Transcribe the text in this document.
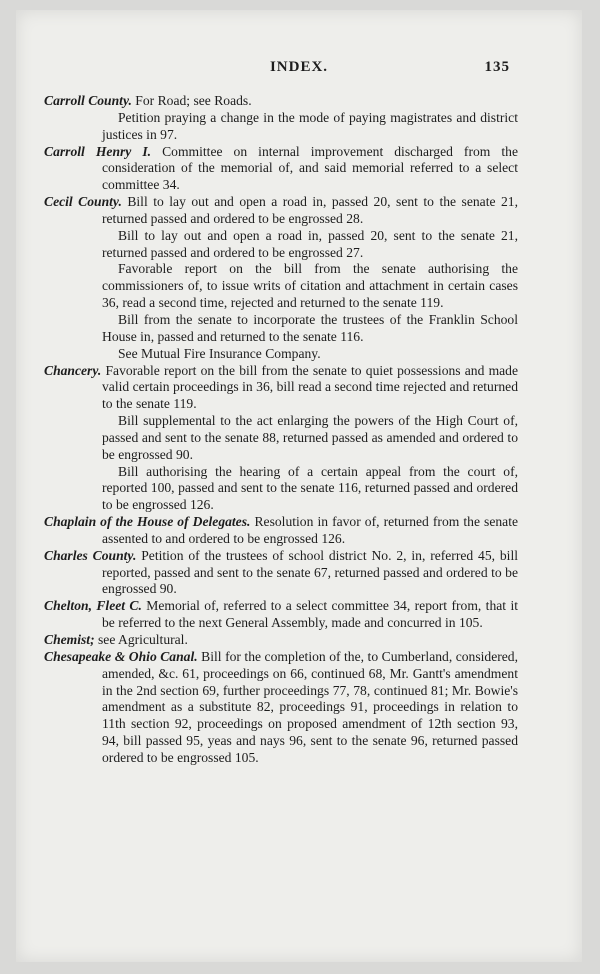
INDEX.	135

Carroll County. For Road; see Roads.

Petition praying a change in the mode of paying magistrates and district justices in 97.

Carroll Henry I. Committee on internal improvement discharged from the consideration of the memorial of, and said memorial referred to a select committee 34.

Cecil County. Bill to lay out and open a road in, passed 20, sent to the senate 21, returned passed and ordered to be engrossed 28.

Bill to lay out and open a road in, passed 20, sent to the senate 21, returned passed and ordered to be engrossed 27.

Favorable report on the bill from the senate authorising the commissioners of, to issue writs of citation and attachment in certain cases 36, read a second time, rejected and returned to the senate 119.

Bill from the senate to incorporate the trustees of the Franklin School House in, passed and returned to the senate 116.

See Mutual Fire Insurance Company.

Chancery. Favorable report on the bill from the senate to quiet possessions and made valid certain proceedings in 36, bill read a second time rejected and returned to the senate 119.

Bill supplemental to the act enlarging the powers of the High Court of, passed and sent to the senate 88, returned passed as amended and ordered to be engrossed 90.

Bill authorising the hearing of a certain appeal from the court of, reported 100, passed and sent to the senate 116, returned passed and ordered to be engrossed 126.

Chaplain of the House of Delegates. Resolution in favor of, returned from the senate assented to and ordered to be engrossed 126.

Charles County. Petition of the trustees of school district No. 2, in, referred 45, bill reported, passed and sent to the senate 67, returned passed and ordered to be engrossed 90.

Chelton, Fleet C. Memorial of, referred to a select committee 34, report from, that it be referred to the next General Assembly, made and concurred in 105.

Chemist; see Agricultural.

Chesapeake & Ohio Canal. Bill for the completion of the, to Cumberland, considered, amended, &c. 61, proceedings on 66, continued 68, Mr. Gantt's amendment in the 2nd section 69, further proceedings 77, 78, continued 81; Mr. Bowie's amendment as a substitute 82, proceedings 91, proceedings in relation to 11th section 92, proceedings on proposed amendment of 12th section 93, 94, bill passed 95, yeas and nays 96, sent to the senate 96, returned passed ordered to be engrossed 105.
